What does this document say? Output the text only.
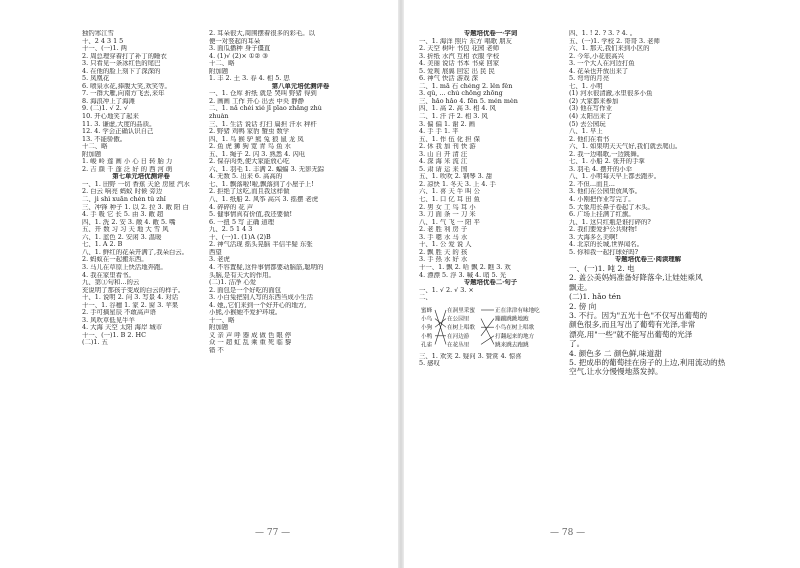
独钓寒江雪
十、2 4 3 1 5
十一、(一)1. 两
2. 周总理穿着打了补丁的睡衣
3. 只看见一条冰红色的尾巴
4. 在他的脸上刻下了深深的
5. 凤凰花
6. 喷泉水花,捧腹大笑,欢笑等。
7. 一群大雁,向南方飞去,来年
8. 海浪冲上了海滩
9. (二)1. √ 2. √
10. 开心地笑了起来
11. 3. 谦虚,大度的品质。
12. 4. 学会正确认识自己
13. 不能骄傲。
十二、略
附加题
1. 峻 岭 莲 画 小 心 日 转 胎 力
2. 吉 颜 千 蓬 泛 好 的 西 河 萌
第七单元培优测评卷
一、1. 田野 一切 香蕉 天论 房屋 汽水
2. 白云 响亮 蚂蚁 时候 旁边
二、jì shì xuān chén tǔ zhǐ
三、冲锋 种子 1. 以 2. 拉 3. 敞 阳 白
4. 手 吸 它 长 5. 由 3. 敞 超
四、1. 洗 2. 安 3. 敞 4. 敞 5. 嘴
五、开 数 习 习 天 地 大 雪 风
六、1. 蓝色 2. 安闲 3. 温暖
七、1. A 2. B
八、1. 鲜红的花朵开满了,我朵白云。
2. 蚂蚁在一起搬东西。
3. 马儿在草原上快活地奔跑。
4. 我在家里看书。
九、第①句和...的云
充说明了那孩子变成的白云的样子。
十、1. 说明 2. 问 3. 写景 4. 对话
十一、1. 谷穗 1. 家 2. 窗 3. 苹果
2. 手可摘星辰 不敢高声语
3. 风吹草低见牛羊
4. 大海 天空 太阳 海岸 城市
十一、(一)1. B 2. HC
(二)1. 五
2. 耳朵很大,周围摆着很多的彩毛。以
便一对竖起的耳朵
3. 面瓜播种 身子僵直
4. (1)√ (2)× ①② ③
十二、略
附加题
1. 丰 2. 土 3. 春 4. 相 5. 思
第八单元培优测评卷
一、1. 仓库 折纸 就是 哭叫 野猪 得到
2. 画画 工作 开心 出去 中央 静静
二、1. nǎ chéi xié jī pīao zhǎng zhù
zhuàn
三、1. 生活 说话 打扫 扁担 汗水 秤杆
2. 野猪 鸡鸭 家豹 蟹虫 数学
四、1. 鸟 猴 驴 熊 兔 狼 鼠 龙 凤
2. 鱼 虎 狮 狗 宽 青 鸟 鱼 水
五、1. 绳子 2. 闪 3. 熟悉 4. 闪电
2. 保存肉类,使大家能放心吃
六、1. 羽毛 1. 丰满 2. 蝙蝠 3. 无影无踪
4. 无数 5. 出来 6. 高高的
七、1. 飘落啦!啦,飘落到了小屋子上!
2. 拒绝了这吃,而且我这样做
八、1. 纸船 2. 风筝 高兴 3. 摇摆 老虎
4. 碎碎的 花 声
5. 健事情真有价值,我还要做!
6. 一扭 5 写 正确 道理
九、2. 5 1 4 3
十、(一)1. (1)A (2)B
2. 神气活现 摇头晃脑 半信半疑 东张
西望
3. 老虎
4. 不容置疑,这件事情都要动脑筋,聪明的
头脑,是有天大的作用。
(二)1. 洁净 心爱
2. 面包是一个好吃的面包
3. 小白兔把别人写的东西当成小生活
4. 她,,它们来到一个好开心的地方,
小熊,小猴她不爱护环境。
十一、略
附加题
义 亲 声 呼 器 成 做 色 眼 停
众 一 超 虹 乱 乘 重 死 临 黎
错 不
专题培优卷一·字词
一、1. 海洋 照片 东方 唱歌 朋友
2. 天空 树叶 书包 花园 老师
3. 折纸 水汽 互相 衣服 学校
4. 美丽 说话 书本 书桌 回家
5. 爱观 展翼 回宏 出 民 民
6. 神气 快活 游戏 深
二、1. mā 石 chéng 2. lěn fěn
3. qǔ, ... chú chōng zhōng
三、hǎo hǎo 4. fēn 5. mén mèn
四、1. 高 2. 高 3. 相 4. 风
二、1. 汗 汗 2. 相 3. 风
3. 偏 偏 1. 谢 2. 画
4. 手 手 1. 平
五、1. 作 伍 化 担 保
2. 休 我 加 刊 快 游
3. 山 自 开 清 汪
4. 深 海 米 流 江
5. 肃 请 运 来 国
五、1. 吹吹 2. 钢琴 3. 甜
2. 凉快 1. 冬天 3. 上 4. 手
六、1. 喜 天 牛 叫 公
七、1. 口 亿 耳 田 鱼
2. 男 女 工 鸟 耳 小
3. 刀 面 条 一 刀 米
八、1. 气 飞 一 阳 平
2. 老 胜 利 房 子
3. 手 嗯 水 马 水
十、1. 公 爱 说 人
2. 飘 胜 天 的 孩
3. 手 热 水 好 水
十一、1. 飘 2. 哈 飘 2. 瞧 3. 欢
4. 漂漂 5. 浮 3. 喊 4. 哨 5. 光
专题培优卷二·句子
一、1. √ 2. √ 3. ×
二、
蜜蜂
小鸟
小狗
小鸭
孔雀
在洞里采蜜
在公园里
在树上唱歌
在河边游
在花丛里
正在津津有味地吃
蹦蹦跳跳地跑
小鸟在树上唱歌
打翻起来的地方
跳来跳去跑跳
三、1. 欢笑 2. 疑问 3. 赞赏 4. 惊喜
5. 感叹
四、1. ! 2. ? 3. ? 4. 。
五、(一)1. 学校 2. 哥哥 3. 老师
六、1. 那天,我们来到小区的
2. 今年,小花很高兴
3. 一个大人在河边打鱼
4. 花朵也开放出来了
5. 弯弯的月亮
七、1. 小明
(1) 河水很清澈,水里很多小鱼
(2) 大家都来参加
(3) 他在写作业
(4) 太阳出来了
(5) 去公园玩
八、1. 早上
2. 他们在看书
六、1. 如果明天天气好,我们就去爬山。
2. 我一边唱歌,一边跳舞。
七、1. 小船 2. 张开的手掌
3. 羽毛 4. 摆开的小伞
八、1. 小明每天早上都去跑步。
2. 不但...而且...
3. 他们在公园里放风筝。
4. 小刚把作业写完了。
5. 大象用长鼻子卷起了木头。
6. 广场上挂满了红旗。
九、1. 这只红瓶是谁打碎的?
2. 我们要爱护公共财物!
3. 大海多么美啊!
4. 北京的长城,世界闻名。
5. 你和我一起打球好吗?
专题培优卷三·阅读理解
一、(一)1. 吨 2. 电
2. 盖公美妈妈准备好降落伞,让娃娃乘风
飘走。
(二)1. hǎo tén
2. 傍 向
3. 不行。因为"五光十色"不仅写出葡萄的
颜色很多,而且写出了葡萄有光泽,非常
漂亮,用"一些"就不能写出葡萄的光泽
了。
4. 颜色多 二 颜色鲜,味道甜
5. 把成串的葡萄挂在房子的上边,利用流动的热
空气,让水分慢慢地蒸发掉。
— 77 —	— 78 —
